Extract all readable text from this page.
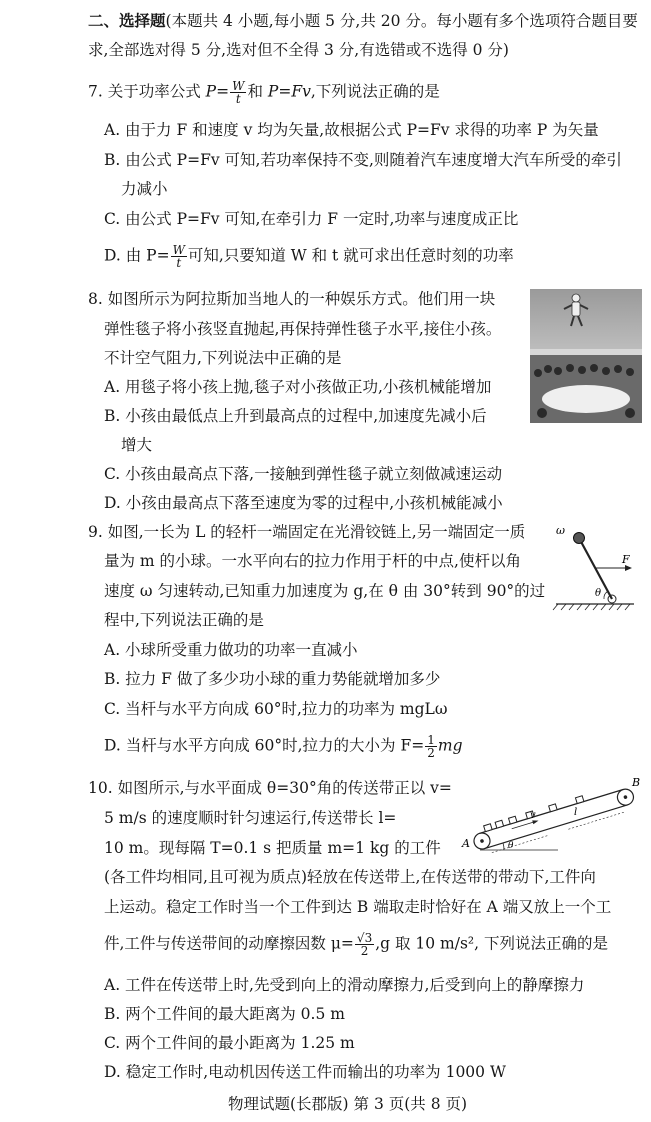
二、选择题(本题共 4 小题,每小题 5 分,共 20 分。每小题有多个选项符合题目要
求,全部选对得 5 分,选对但不全得 3 分,有选错或不选得 0 分)
7. 关于功率公式 $P= \frac{W}{t}$ 和 P=Fv,下列说法正确的是
A. 由于力 F 和速度 v 均为矢量,故根据公式 P=Fv 求得的功率 P 为矢量
B. 由公式 P=Fv 可知,若功率保持不变,则随着汽车速度增大汽车所受的牵引
力减小
C. 由公式 P=Fv 可知,在牵引力 F 一定时,功率与速度成正比
D. 由 $P= \frac{W}{t}$ 可知,只要知道 W 和 t 就可求出任意时刻的功率
8. 如图所示为阿拉斯加当地人的一种娱乐方式。他们用一块
弹性毯子将小孩竖直抛起,再保持弹性毯子水平,接住小孩。
不计空气阻力,下列说法中正确的是
A. 用毯子将小孩上抛,毯子对小孩做正功,小孩机械能增加
B. 小孩由最低点上升到最高点的过程中,加速度先减小后
增大
C. 小孩由最高点下落,一接触到弹性毯子就立刻做减速运动
D. 小孩由最高点下落至速度为零的过程中,小孩机械能减小
9. 如图,一长为 L 的轻杆一端固定在光滑铰链上,另一端固定一质
量为 m 的小球。一水平向右的拉力作用于杆的中点,使杆以角
速度 ω 匀速转动,已知重力加速度为 g,在 θ 由 30°转到 90°的过
程中,下列说法正确的是
A. 小球所受重力做功的功率一直减小
B. 拉力 F 做了多少功小球的重力势能就增加多少
C. 当杆与水平方向成 60°时,拉力的功率为 mgLω
D. 当杆与水平方向成 60°时,拉力的大小为 $F= \frac{1}{2}$ mg
ω
F
θ
10. 如图所示,与水平面成 θ=30°角的传送带正以 v=
5 m/s 的速度顺时针匀速运行,传送带长 l=
10 m。现每隔 T=0.1 s 把质量 m=1 kg 的工件
(各工件均相同,且可视为质点)轻放在传送带上,在传送带的带动下,工件向
上运动。稳定工作时当一个工件到达 B 端取走时恰好在 A 端又放上一个工
件,工件与传送带间的动摩擦因数 $\mu= \frac{√3}{2} ,g$ 取 10 m/s², 下列说法正确的是
A. 工件在传送带上时,先受到向上的滑动摩擦力,后受到向上的静摩擦力
B. 两个工件间的最大距离为 0.5 m
C. 两个工件间的最小距离为 1.25 m
D. 稳定工作时,电动机因传送工件而输出的功率为 1000 W
A
B
v	l
θ
物理试题(长郡版) 第 3 页(共 8 页)
